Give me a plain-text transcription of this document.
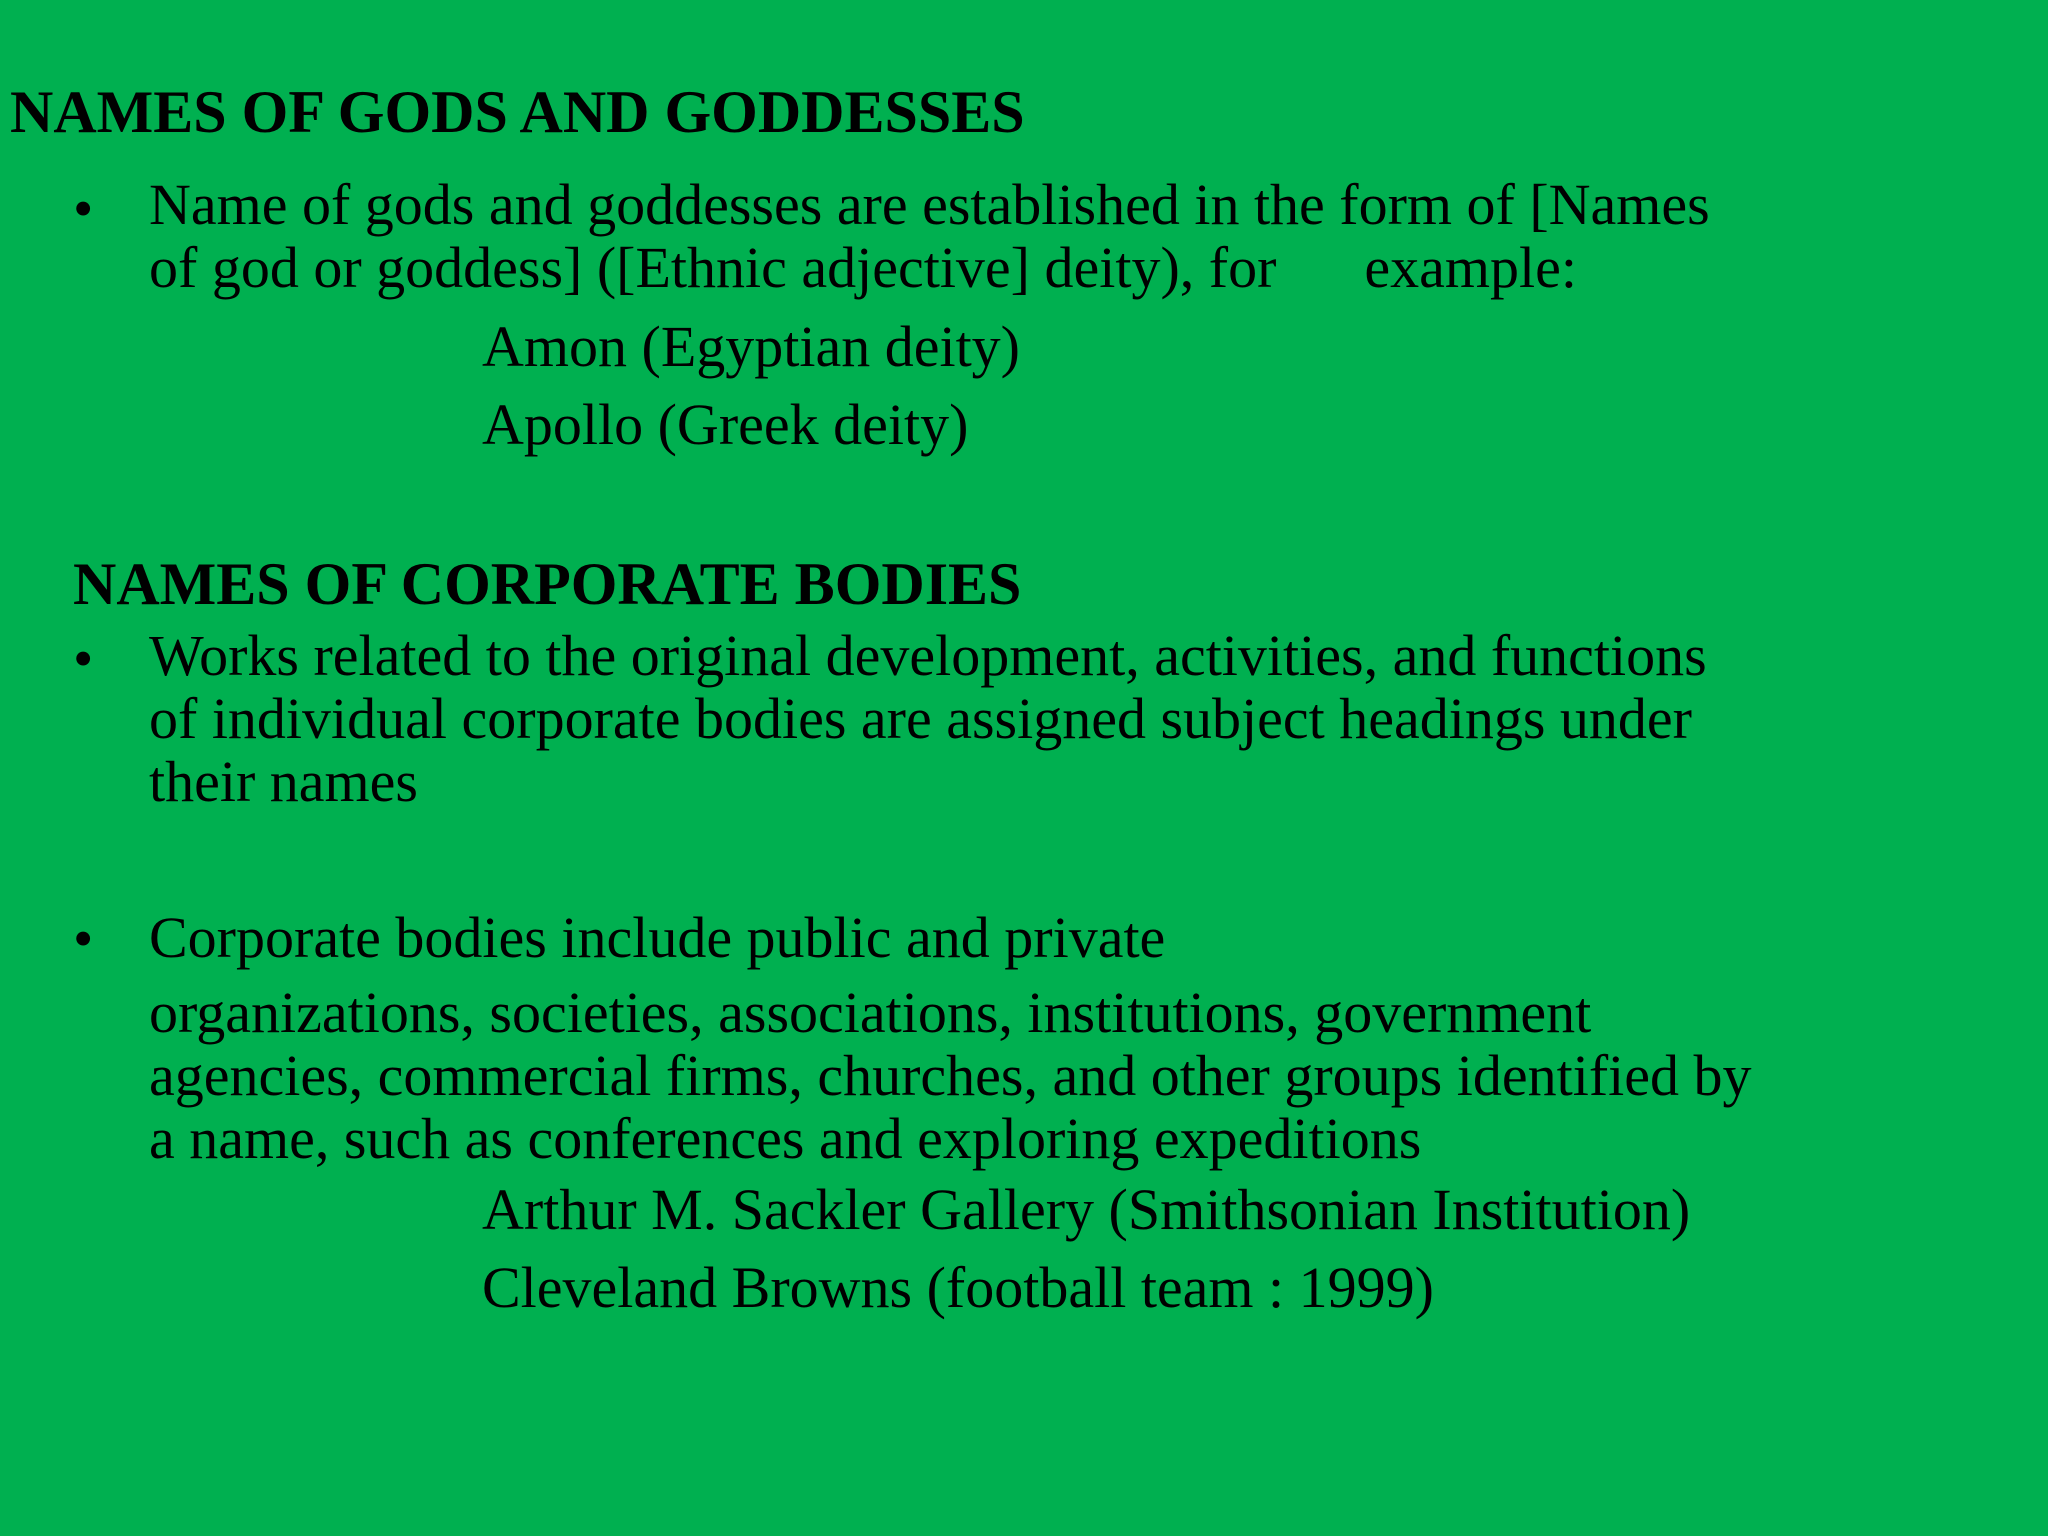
NAMES OF GODS AND GODDESSES
• Name of gods and goddesses are established in the form of [Names
of god or goddess] ([Ethnic adjective] deity), for example:
Amon (Egyptian deity)
Apollo (Greek deity)
NAMES OF CORPORATE BODIES
• Works related to the original development, activities, and functions
of individual corporate bodies are assigned subject headings under
their names
• Corporate bodies include public and private
organizations, societies, associations, institutions, government
agencies, commercial firms, churches, and other groups identified by
a name, such as conferences and exploring expeditions
Arthur M. Sackler Gallery (Smithsonian Institution)
Cleveland Browns (football team : 1999)
